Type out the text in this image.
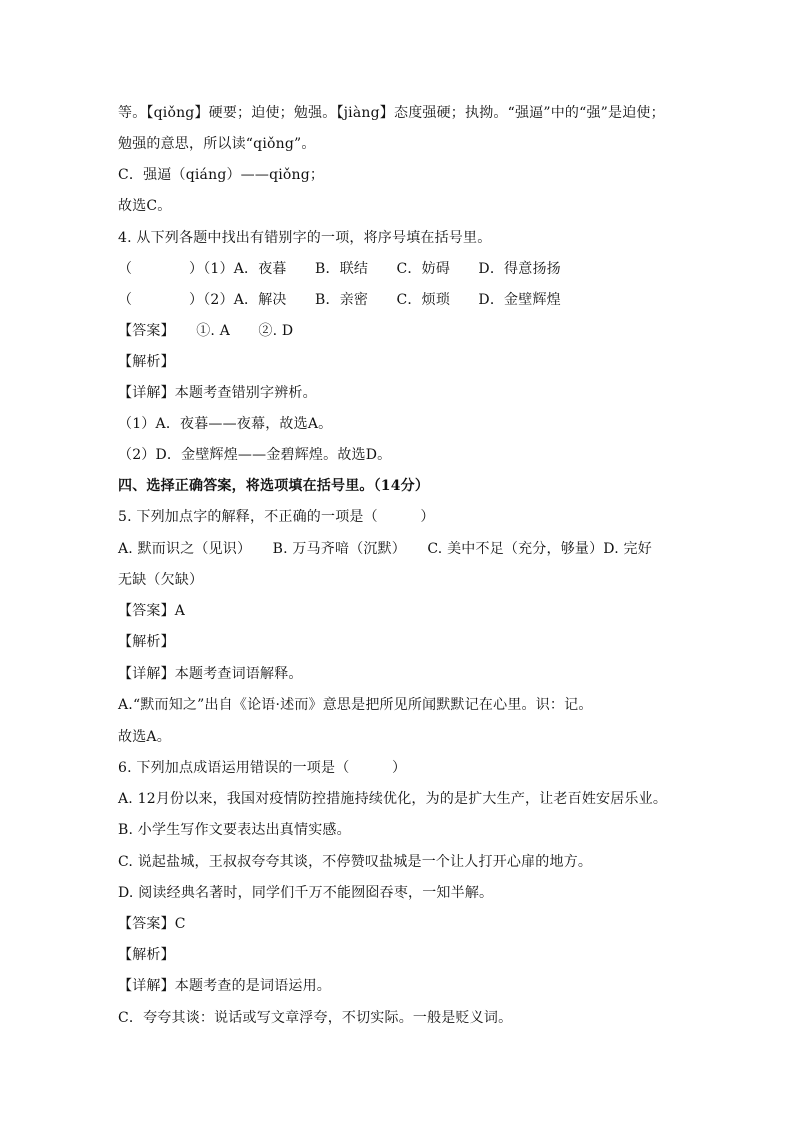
等。【qiǒng】硬要；迫使；勉强。【jiàng】态度强硬；执拗。“强逼”中的“强”是迫使；
勉强的意思，所以读“qiǒng”。
C．强逼（qiáng）——qiǒng；
故选C。
4. 从下列各题中找出有错别字的一项，将序号填在括号里。
（　　　　）（1）A．夜暮　　B．联结　　C．妨碍　　D．得意扬扬
（　　　　）（2）A．解决　　B．亲密　　C．烦琐　　D．金壁辉煌
【答案】　　①. A　　②. D
【解析】
【详解】本题考查错别字辨析。
（1）A．夜暮——夜幕，故选A。
（2）D．金壁辉煌——金碧辉煌。故选D。
四、选择正确答案，将选项填在括号里。（14分）
5. 下列加点字的解释，不正确的一项是（　　　）
A. 默而识之（见识）　　B. 万马齐喑（沉默）　　C. 美中不足（充分，够量）D. 完好
无缺（欠缺）
【答案】A
【解析】
【详解】本题考查词语解释。
A.“默而知之”出自《论语·述而》意思是把所见所闻默默记在心里。识：记。
故选A。
6. 下列加点成语运用错误的一项是（　　　）
A. 12月份以来，我国对疫情防控措施持续优化，为的是扩大生产，让老百姓安居乐业。
B. 小学生写作文要表达出真情实感。
C. 说起盐城，王叔叔夸夸其谈，不停赞叹盐城是一个让人打开心扉的地方。
D. 阅读经典名著时，同学们千万不能囫囵吞枣，一知半解。
【答案】C
【解析】
【详解】本题考查的是词语运用。
C．夸夸其谈：说话或写文章浮夸，不切实际。一般是贬义词。
